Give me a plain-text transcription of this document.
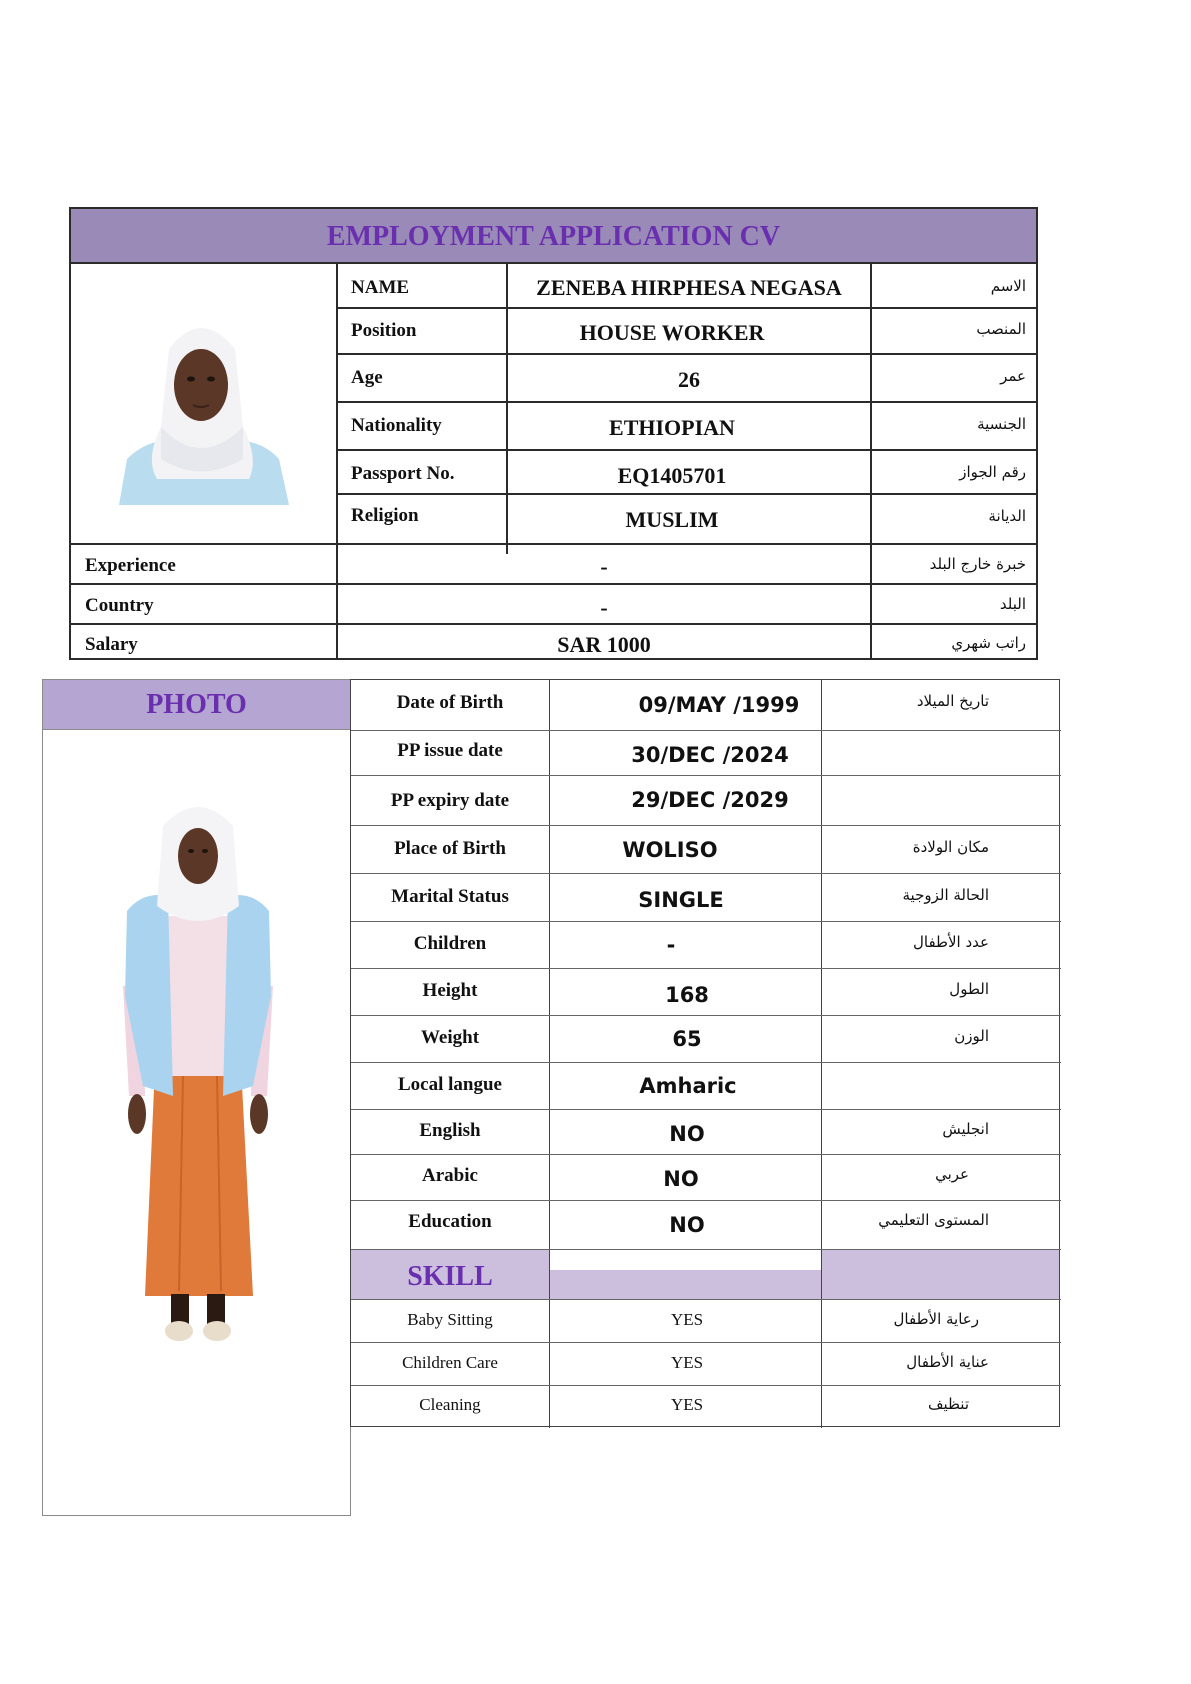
EMPLOYMENT APPLICATION CV
NAME	ZENEBA HIRPHESA NEGASA	الاسم
Position	HOUSE WORKER	المنصب
Age	26	عمر
Nationality	ETHIOPIAN	الجنسية
Passport No.	EQ1405701	رقم الجواز
Religion	MUSLIM	الديانة
Experience	-	خبرة خارج البلد
Country	-	البلد
Salary	SAR 1000	راتب شهري
PHOTO
SKILL
Date of Birth	09/MAY /1999	تاريخ الميلاد
PP issue date	30/DEC /2024
PP expiry date	29/DEC /2029
Place of Birth	WOLISO	مكان الولادة
Marital Status	SINGLE	الحالة الزوجية
Children	-	عدد الأطفال
Height	168	الطول
Weight	65	الوزن
Local langue	Amharic
English	NO	انجليش
Arabic	NO	عربي
Education	NO	المستوى التعليمي
Baby Sitting	YES	رعاية الأطفال
Children Care	YES	عناية الأطفال
Cleaning	YES	تنظيف
